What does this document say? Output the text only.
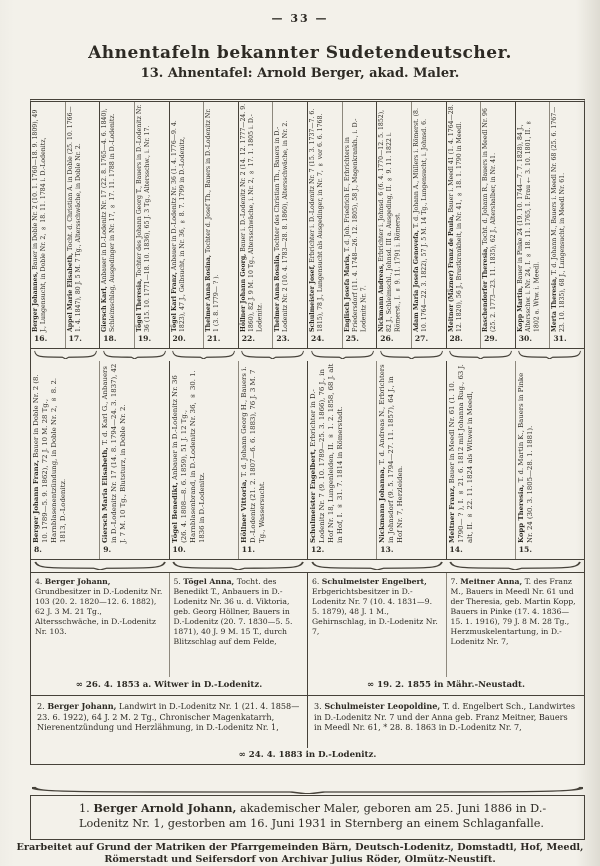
— 33 —
Ahnentafeln bekannter Sudetendeutscher.
13. Ahnentafel: Arnold Berger, akad. Maler.
Berger Johannes, Bauer in Doble Nr. 2 (10. 1. 1760—18. 9. 1809), 49 J., Lungensucht, in Doble Nr. 2, ∞ 18. 11. 1784 i. D.-Lodenitz,
16.
Appel Marie Elisabeth, Tocht. d. Christian A. in Doble (25. 10. 1766—1. 4. 1847), 80 J. 5 M. 7 Tg., Altersschwäche, in Doble Nr. 2.
17.
Giersch Karl, Anbauer in D.-Lodenitz Nr. 17 (22. 8. 1765—4. 6. 1840), Schleimschlag, Ausgedinger in Nr. 17, ∞ 17. 11. 1788 in D.-Lodenitz.
18.
Tögel Theresia, Tochter des Johann Georg T., Bauers in D.-Lodenitz Nr. 36 (15. 10. 1771—18. 10. 1836), 65 J. 3 Tg., Altersschw., i. Nr. 17.
19.
Tögel Karl Franz, Anbauer in D.-Lodenitz Nr. 36 (1. 4. 1776—9. 4. 1823), 47 J., Gelbsucht, in Nr. 36, ∞ 8. 7. 1799 in D.-Lodenitz,
20.
Thelmer Anna Rosina, Tochter d. Josef Th., Bauers in D.-Lodenitz Nr. 1 (3. 8. 1779— ? ).
21.
Höllner Johann Georg, Bauer i. D.-Lodenitz Nr. 2 (14. 12. 1777—24. 9. 1860), 82 J. 9 M. 10 Tg., Altersschwäche, i. Nr. 2, ∞ 17. 1. 1805 i. D.-Lodenitz.
22.
Thelmer Anna Rosalia, Tochter des Christian Th., Bauers in D.-Lodenitz Nr. 2 (10. 4. 1783—28. 8. 1860), Altersschwäche, in Nr. 2.
23.
Schulmeister Josef, Erbrichter i. D.-Lodenitz Nr. 7 (15. 3. 1737—7. 6. 1815), 78 J., Lungensucht als Ausgedinger, in Nr. 7, ∞ vor 6. 6. 1768.
24.
Englisch Josefa Maria, T. d. Joh. Friedrich E., Erbrichters in Friedersdorf (11. 4. 1748—26. 12. 1805), 58 J., Magenkrankh., i. D.-Lodenitz Nr. 7.
25.
Nickmann Andreas, Erbrichter i. Johnsd. 6 (6. 4. 1770—12. 5. 1852), 82 J., Schleimschl., Johnsd. III a. Ausgeding, II. ∞ 9. 11. 1822 i. Römerst., I. ∞ 9. 11. 1791 i. Römerst.
26.
Adam Maria Josefa Genovefa, T. d. Johann A., Müllers i. Römerst. (8. 10. 1764—22. 3. 1822), 57 J. 5 M. 14 Tg., Lungensucht, i. Johnsd. 6.
27.
Meitner (Mäzner) Franz de Paula, Bauer i. Meedl 41 (1. 4. 1764—28. 12. 1820), 56 J., Brustkrankheit, in Nr. 41, ∞ 18. 1. 1790 in Meedl.
28.
Raschendorfer Theresia, Tocht. d. Johann R., Bauers in Meedl Nr. 96 (25. 2. 1773—23. 11. 1835), 62 J., Altershalber, in Nr. 41.
29.
Kopp Martin, Bauer in Pinke 24 (19. 10. 1744—7. 7. 1828), 84 J., Altersschw. i. Nr. 24, I. ∞ 18. 11. 1765, I. Frau † 3. 10. 1801, II. ∞ 1802 a. Wtw. i. Meedl.
30.
Merta Theresia, T. d. Johann M., Bauers i. Meedl Nr. 68 (25. 6. 1767—23. 10. 1835), 68 J., Lungensucht, in Meedl Nr. 61.
31.
Berger Johann Franz, Bauer in Doble Nr. 2 (8. 10. 1789—5. 9. 1862), 72 J. 10 M. 28 Tg., Harnblasenentzündung, in Doble Nr. 2, ∞ 8. 2. 1813, D.-Lodenitz.
8.
Giersch Maria Elisabeth, T. d. Karl G., Anbauers in D.-Lodenitz Nr. 17 (14. 8. 1794—24. 3. 1837), 42 J. 7 M. 10 Tg., Blutsturz, in Doble Nr. 2.
9.
Tögel Benedikt, Anbauer in D.-Lodenitz Nr. 36 (26. 4. 1808—8. 6. 1859), 51 J. 12 Tg., Harnblasenbrand, in D.-Lodenitz Nr. 36, ∞ 30. 1. 1836 in D.-Lodenitz.
10.
Höllner Vittoria, T. d. Johann Georg H., Bauers i. D.-Lodenitz (21. 2. 1807—6. 6. 1883), 76 J. 3 M. 7 Tg., Wassersucht.
11.
Schulmeister Engelbert, Erbrichter in D.-Lodenitz Nr. 7 (9. 10. 1789—25. 3. 1866), 76 J., in Hof Nr. 18, Lungenleiden, II. ∞ 1. 2. 1858, 68 J. alt in Hof, I. ∞ 31. 7. 1814 in Römerstadt.
12.
Nickmann Johanna, T. d. Andreas N., Erbrichters in Johnsdorf (9. 5. 1794—27. 11. 1857), 64 J., in Hof Nr. 7, Herzleiden.
13.
Meitner Franz, Bauer in Meedl Nr. 61 (1. 10. 1790— ? ), I. ∞ 21. 6. 1812 mit Johanna Rug., 63 J. alt, II. ∞ 22. 11. 1824 als Witwer in Meedl,
14.
Kopp Theresia, T. d. Martin K., Bauers in Pinke Nr. 24 (30. 3. 1805—28. 1. 1881).
15.
4. Berger Johann, Grundbesitzer in D.-Lodenitz Nr. 103 (20. 2. 1820—12. 6. 1882), 62 J. 3 M. 21 Tg., Altersschwäche, in D.-Lodenitz Nr. 103.
5. Tögel Anna, Tocht. des Benedikt T., Anbauers in D.-Lodenitz Nr. 36 u. d. Viktoria, geb. Georg Höllner, Bauers in D.-Lodenitz (20. 7. 1830—5. 5. 1871), 40 J. 9 M. 15 T., durch Blitzschlag auf dem Felde,
∞ 26. 4. 1853 a. Witwer in D.-Lodenitz.
6. Schulmeister Engelbert, Erbgerichtsbesitzer in D.-Lodenitz Nr. 7 (10. 4. 1831—9. 5. 1879), 48 J. 1 M., Gehirnschlag, in D.-Lodenitz Nr. 7,
7. Meitner Anna, T. des Franz M., Bauers in Meedl Nr. 61 und der Theresia, geb. Martin Kopp, Bauers in Pinke (17. 4. 1836—15. 1. 1916), 79 J. 8 M. 28 Tg., Herzmuskelentartung, in D.-Lodenitz Nr. 7,
∞ 19. 2. 1855 in Mähr.-Neustadt.
2. Berger Johann, Landwirt in D.-Lodenitz Nr. 1 (21. 4. 1858—23. 6. 1922), 64 J. 2 M. 2 Tg., Chronischer Magenkatarrh, Nierenentzündung und Herzlähmung, in D.-Lodenitz Nr. 1,
3. Schulmeister Leopoldine, T. d. Engelbert Sch., Landwirtes in D.-Lodenitz Nr. 7 und der Anna geb. Franz Meitner, Bauers in Meedl Nr. 61, * 28. 8. 1863 in D.-Lodenitz Nr. 7,
∞ 24. 4. 1883 in D.-Lodenitz.
1. Berger Arnold Johann, akademischer Maler, geboren am 25. Juni 1886 in D.-Lodenitz Nr. 1, gestorben am 16. Juni 1931 in Sternberg an einem Schlaganfalle.
Erarbeitet auf Grund der Matriken der Pfarrgemeinden Bärn, Deutsch-Lodenitz, Domstadtl, Hof, Meedl, Römerstadt und Seifersdorf von Archivar Julius Röder, Olmütz-Neustift.
